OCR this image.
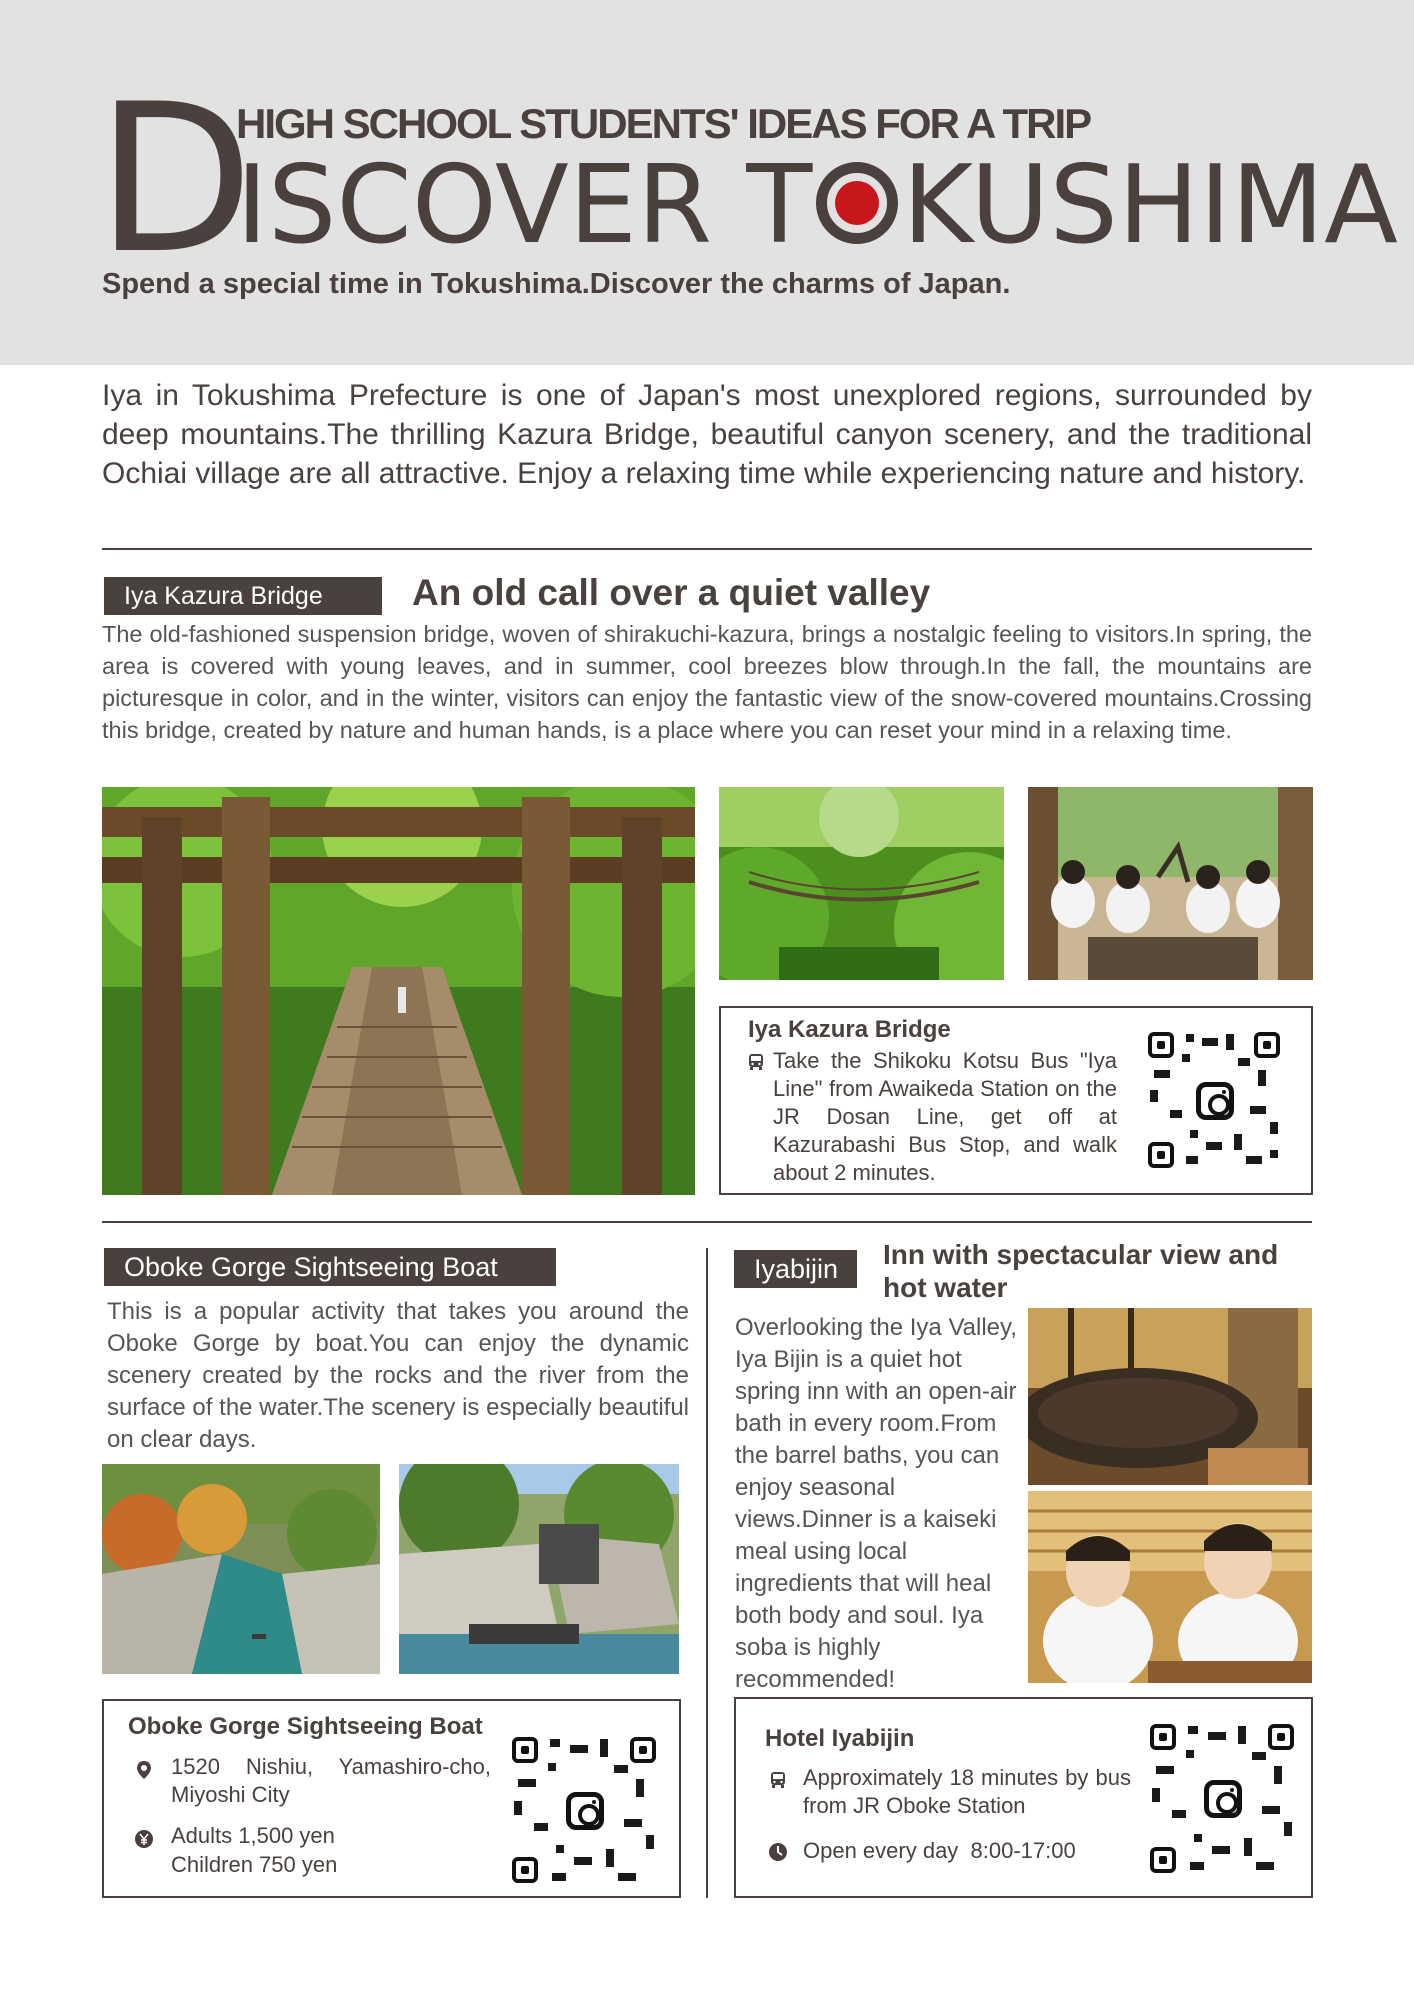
D
HIGH SCHOOL STUDENTS' IDEAS FOR A TRIP
ISCOVER T KUSHIMA
Spend a special time in Tokushima.Discover the charms of Japan.
Iya in Tokushima Prefecture is one of Japan's most unexplored regions, surrounded by deep mountains.The thrilling Kazura Bridge, beautiful canyon scenery, and the traditional Ochiai village are all attractive. Enjoy a relaxing time while experiencing nature and history.
Iya Kazura Bridge	An old call over a quiet valley
The old-fashioned suspension bridge, woven of shirakuchi-kazura, brings a nostalgic feeling to visitors.In spring, the area is covered with young leaves, and in summer, cool breezes blow through.In the fall, the mountains are picturesque in color, and in the winter, visitors can enjoy the fantastic view of the snow-covered mountains.Crossing this bridge, created by nature and human hands, is a place where you can reset your mind in a relaxing time.
Iya Kazura Bridge
Take the Shikoku Kotsu Bus "Iya Line" from Awaikeda Station on the JR Dosan Line, get off at Kazurabashi Bus Stop, and walk about 2 minutes.
Oboke Gorge Sightseeing Boat
This is a popular activity that takes you around the Oboke Gorge by boat.You can enjoy the dynamic scenery created by the rocks and the river from the surface of the water.The scenery is especially beautiful on clear days.
Oboke Gorge Sightseeing Boat
1520 Nishiu, Yamashiro-cho, Miyoshi City
Adults 1,500 yen
Children 750 yen
Iyabijin	Inn with spectacular view and hot water
Overlooking the Iya Valley, Iya Bijin is a quiet hot spring inn with an open-air bath in every room.From the barrel baths, you can enjoy seasonal views.Dinner is a kaiseki meal using local ingredients that will heal both body and soul. Iya soba is highly recommended!
Hotel Iyabijin
Approximately 18 minutes by bus from JR Oboke Station
Open every day  8:00-17:00
